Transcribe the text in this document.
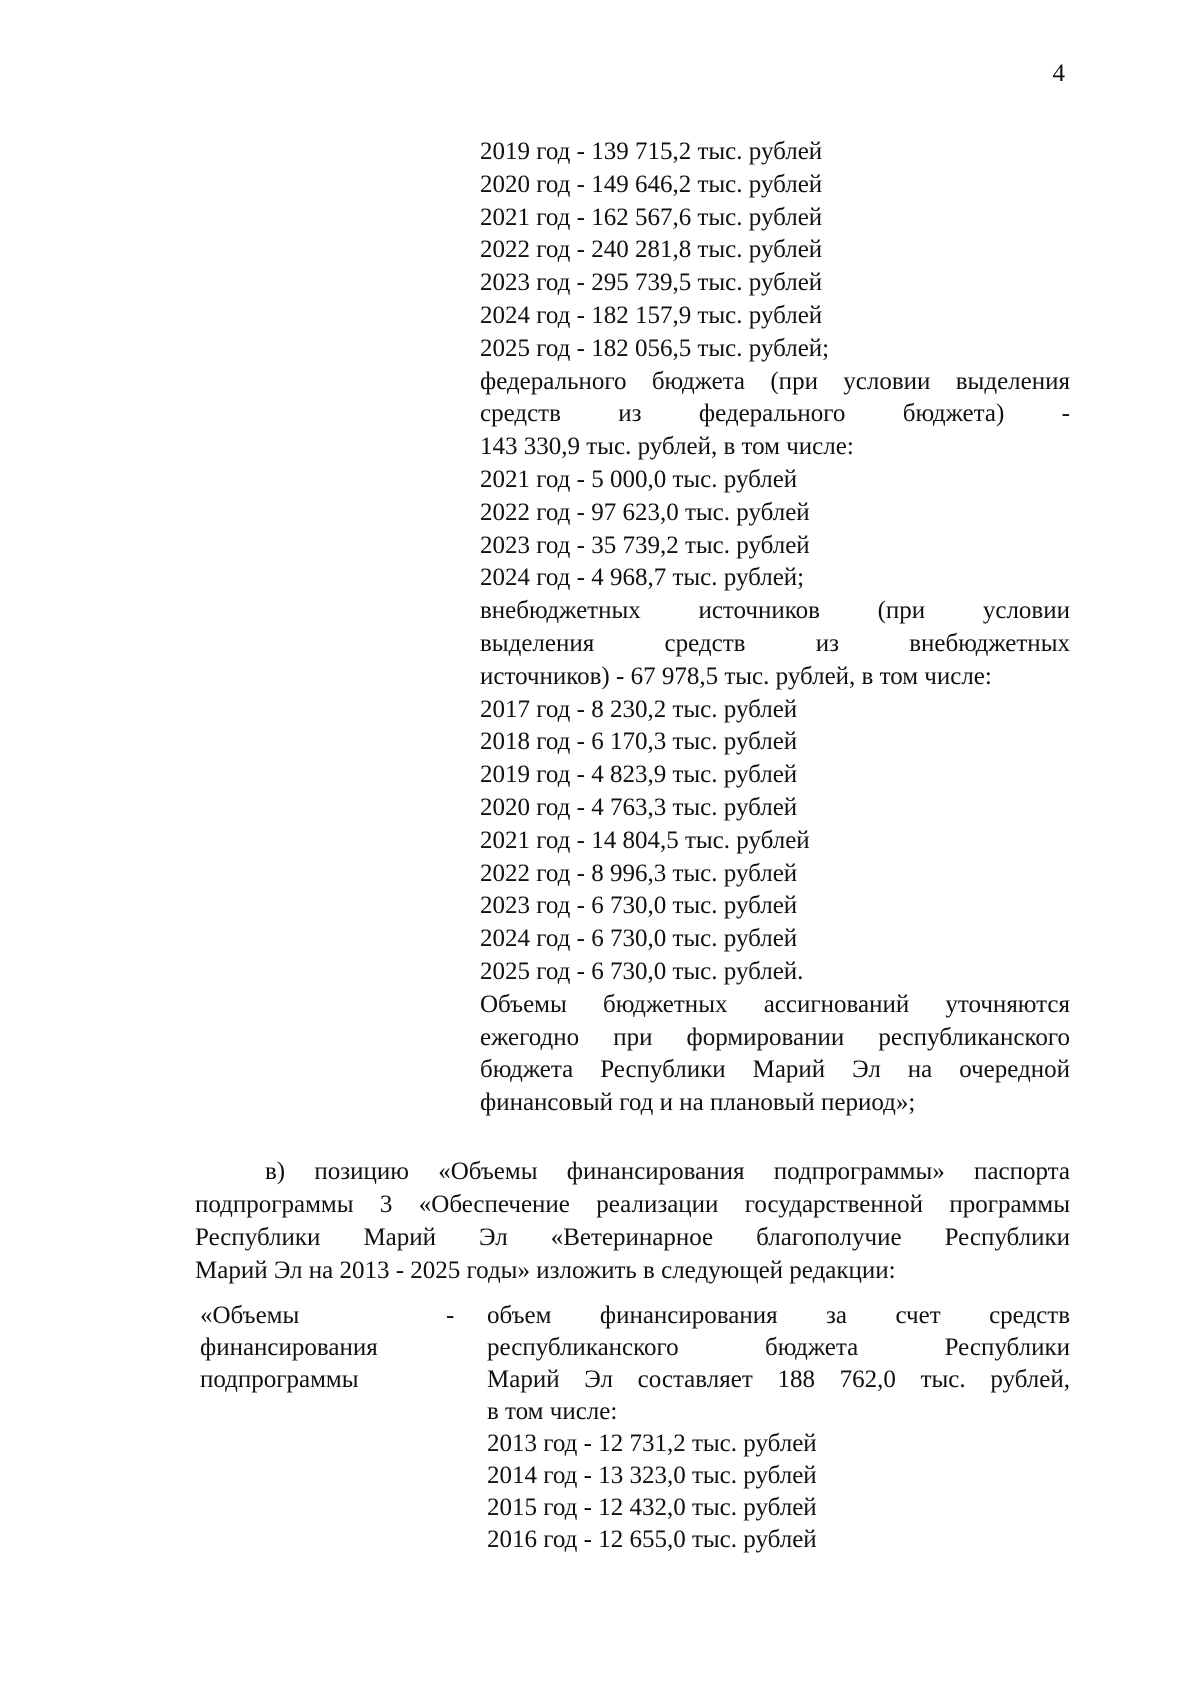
4
2019 год - 139 715,2 тыс. рублей
2020 год - 149 646,2 тыс. рублей
2021 год - 162 567,6 тыс. рублей
2022 год - 240 281,8 тыс. рублей
2023 год - 295 739,5 тыс. рублей
2024 год - 182 157,9 тыс. рублей
2025 год - 182 056,5 тыс. рублей;
федерального бюджета (при условии выделения
средств из федерального бюджета) -
143 330,9 тыс. рублей, в том числе:
2021 год - 5 000,0 тыс. рублей
2022 год - 97 623,0 тыс. рублей
2023 год - 35 739,2 тыс. рублей
2024 год - 4 968,7 тыс. рублей;
внебюджетных источников (при условии
выделения средств из внебюджетных
источников) - 67 978,5 тыс. рублей, в том числе:
2017 год - 8 230,2 тыс. рублей
2018 год - 6 170,3 тыс. рублей
2019 год - 4 823,9 тыс. рублей
2020 год - 4 763,3 тыс. рублей
2021 год - 14 804,5 тыс. рублей
2022 год - 8 996,3 тыс. рублей
2023 год - 6 730,0 тыс. рублей
2024 год - 6 730,0 тыс. рублей
2025 год - 6 730,0 тыс. рублей.
Объемы бюджетных ассигнований уточняются
ежегодно при формировании республиканского
бюджета Республики Марий Эл на очередной
финансовый год и на плановый период»;
в) позицию «Объемы финансирования подпрограммы» паспорта
подпрограммы 3 «Обеспечение реализации государственной программы
Республики Марий Эл «Ветеринарное благополучие Республики
Марий Эл на 2013 - 2025 годы» изложить в следующей редакции:
«Объемы
финансирования
подпрограммы
- объем финансирования за счет средств
республиканского бюджета Республики
Марий Эл составляет 188 762,0 тыс. рублей,
в том числе:
2013 год - 12 731,2 тыс. рублей
2014 год - 13 323,0 тыс. рублей
2015 год - 12 432,0 тыс. рублей
2016 год - 12 655,0 тыс. рублей
